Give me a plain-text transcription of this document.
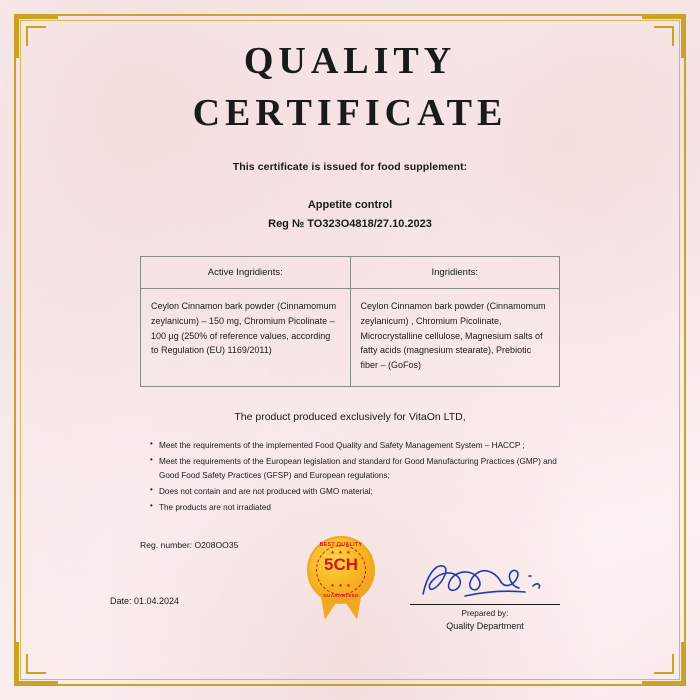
QUALITY
CERTIFICATE
This certificate is issued for food supplement:
Appetite control
Reg № TO323O4818/27.10.2023
Active Ingridients:	Ingridients:
Ceylon Cinnamon bark powder (Cinnamomum zeylanicum) – 150 mg, Chromium Picolinate – 100 µg (250% of reference values, according to Regulation (EU) 1169/2011)	Ceylon Cinnamon bark powder (Cinnamomum zeylanicum) , Chromium Picolinate, Microcrystalline cellulose, Magnesium salts of fatty acids (magnesium stearate), Prebiotic fiber – (GoFos)
The product produced exclusively for VitaOn LTD,
• Meet the requirements of the implemented Food Quality and Safety Management System – HACCP ;
• Meet the requirements of the European legislation and standard for Good Manufacturing Practices (GMP) and Good Food Safety Practices (GFSP) and European regulations;
• Does not contain and are not produced with GMO material;
• The products are not irradiated
Reg. number: O208OO35	BEST QUALITY
★ ★ ★
5CH
★ ★ ★
GUARANTEED
Date: 01.04.2024
Prepared by:
Quality Department
